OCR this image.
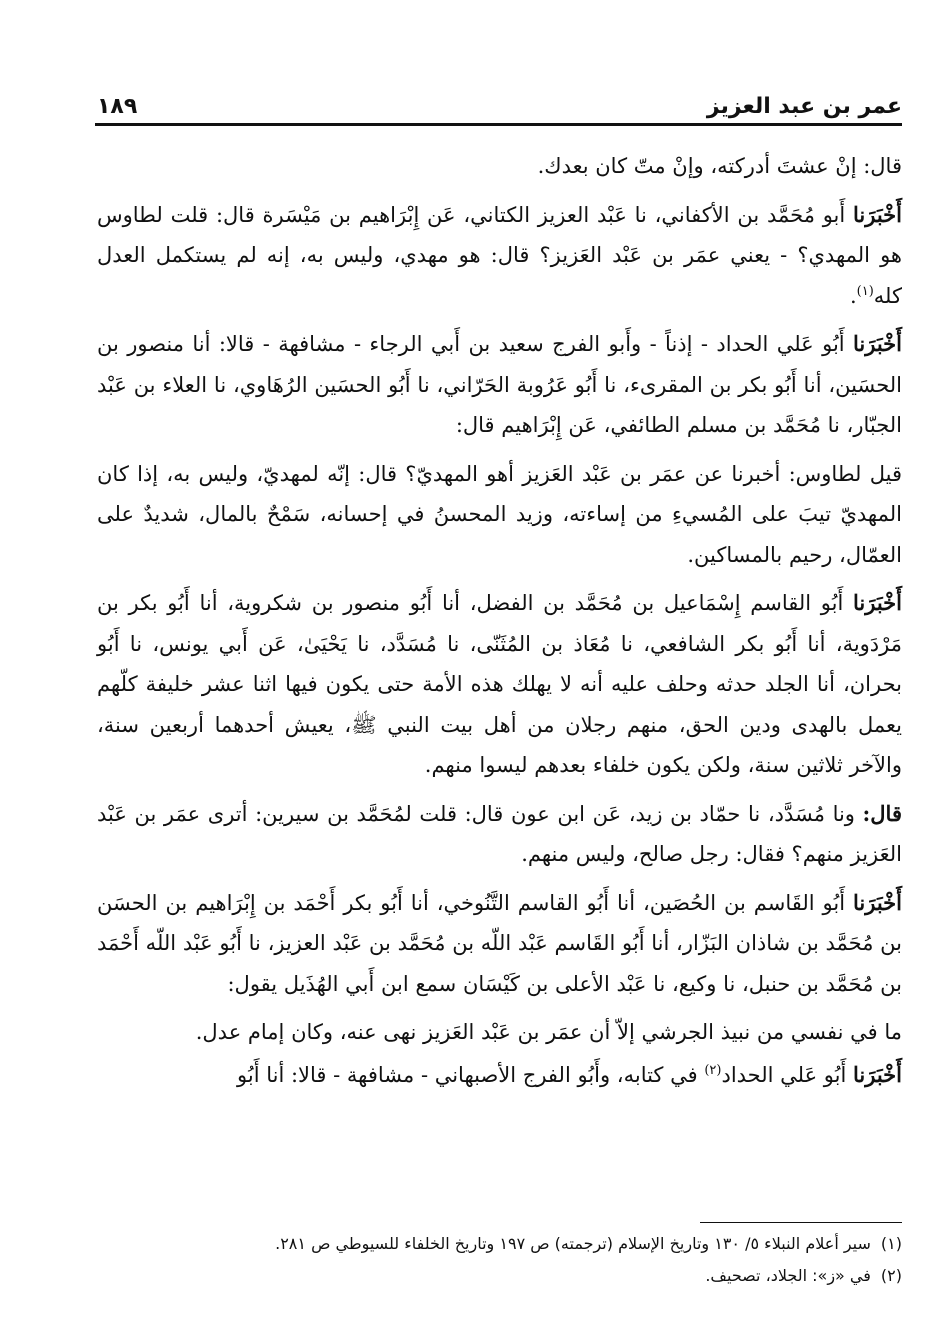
عمر بن عبد العزيز
١٨٩

قال: إنْ عشتَ أدركته، وإنْ متّ كان بعدك.

أَخْبَرَنا أَبو مُحَمَّد بن الأكفاني، نا عَبْد العزيز الكتاني، عَن إِبْرَاهيم بن مَيْسَرة قال: قلت لطاوس هو المهدي؟ - يعني عمَر بن عَبْد العَزيز؟ قال: هو مهدي، وليس به، إنه لم يستكمل العدل كله$^{(١)}$.

أَخْبَرَنا أَبُو عَلي الحداد - إذناً - وأَبو الفرج سعيد بن أَبي الرجاء - مشافهة - قالا: أنا منصور بن الحسَين، أنا أَبُو بكر بن المقرىء، نا أَبُو عَرُوبة الحَرّاني، نا أَبُو الحسَين الرُهَاوي، نا العلاء بن عَبْد الجبّار، نا مُحَمَّد بن مسلم الطائفي، عَن إِبْرَاهيم قال:

قيل لطاوس: أخبرنا عن عمَر بن عَبْد العَزيز أهو المهديّ؟ قال: إنّه لمهديّ، وليس به، إذا كان المهديّ تيبَ على المُسيءِ من إساءته، وزيد المحسنُ في إحسانه، سَمْحٌ بالمال، شديدٌ على العمّال، رحيم بالمساكين.

أَخْبَرَنا أَبُو القاسم إِسْمَاعيل بن مُحَمَّد بن الفضل، أنا أَبُو منصور بن شكروية، أنا أَبُو بكر بن مَرْدَوية، أنا أَبُو بكر الشافعي، نا مُعَاذ بن المُثَنّى، نا مُسَدَّد، نا يَحْيَىٰ، عَن أَبي يونس، نا أَبُو بحران، أنا الجلد حدثه وحلف عليه أنه لا يهلك هذه الأمة حتى يكون فيها اثنا عشر خليفة كلّهم يعمل بالهدى ودين الحق، منهم رجلان من أهل بيت النبي ﷺ، يعيش أحدهما أربعين سنة، والآخر ثلاثين سنة، ولكن يكون خلفاء بعدهم ليسوا منهم.

قال: ونا مُسَدَّد، نا حمّاد بن زيد، عَن ابن عون قال: قلت لمُحَمَّد بن سيرين: أترى عمَر بن عَبْد العَزيز منهم؟ فقال: رجل صالح، وليس منهم.

أَخْبَرَنا أَبُو القَاسم بن الحُصَين، أنا أَبُو القاسم التَّنُوخي، أنا أَبُو بكر أَحْمَد بن إِبْرَاهيم بن الحسَن بن مُحَمَّد بن شاذان البَزّار، أنا أَبُو القَاسم عَبْد اللّه بن مُحَمَّد بن عَبْد العزيز، نا أَبُو عَبْد اللّه أَحْمَد بن مُحَمَّد بن حنبل، نا وكيع، نا عَبْد الأعلى بن كَيْسَان سمع ابن أَبي الهُذَيل يقول:

ما في نفسي من نبيذ الجرشي إلاّ أن عمَر بن عَبْد العَزيز نهى عنه، وكان إمام عدل.

أَخْبَرَنا أَبُو عَلي الحداد$^{(٢)}$ في كتابه، وأَبُو الفرج الأصبهاني - مشافهة - قالا: أنا أَبُو

(١)سير أعلام النبلاء ٥/ ١٣٠ وتاريخ الإسلام (ترجمته) ص ١٩٧ وتاريخ الخلفاء للسيوطي ص ٢٨١.
(٢)في «ز»: الجلاد، تصحيف.
